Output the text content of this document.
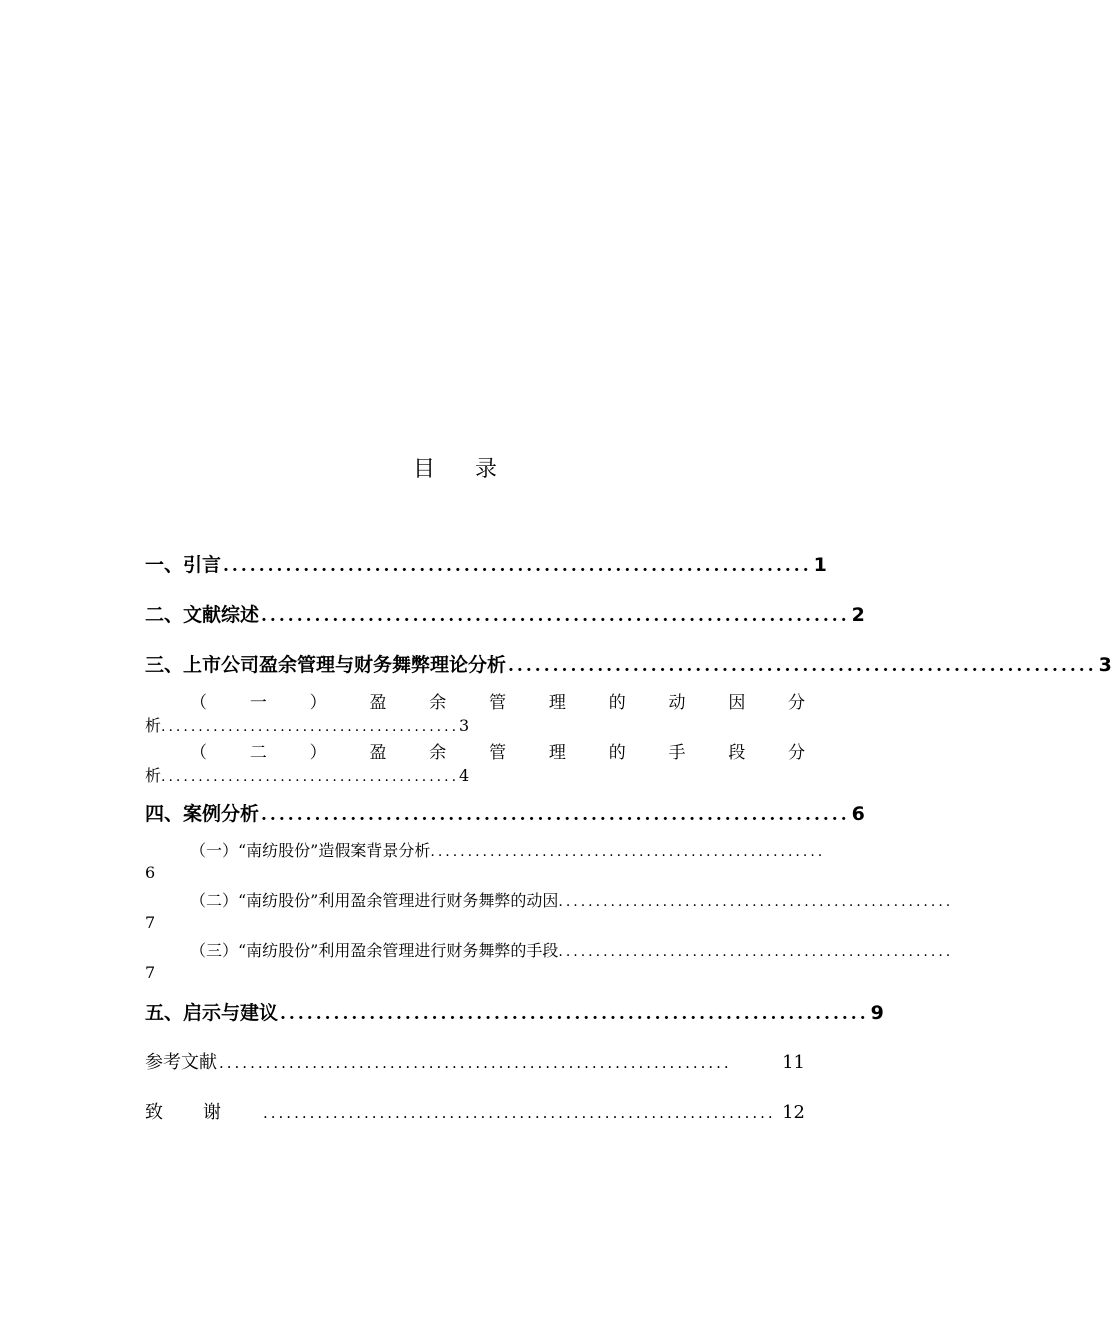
目录
一、引言 .................................................................. 1
二、文献综述 .................................................................. 2
三、上市公司盈余管理与财务舞弊理论分析 .................................................................. 3
（	一	）	盈	余	管	理	的	动	因	分
析........................................3
（	二	）	盈	余	管	理	的	手	段	分
析........................................4
四、案例分析 .................................................................. 6
（一）“南纺股份”造假案背景分析 .....................................................
6
（二）“南纺股份”利用盈余管理进行财务舞弊的动因 .....................................................
7
（三）“南纺股份”利用盈余管理进行财务舞弊的手段 .....................................................
7
五、启示与建议 .................................................................. 9
参考文献 ..................................................................	11
致谢 .................................................................. 12
